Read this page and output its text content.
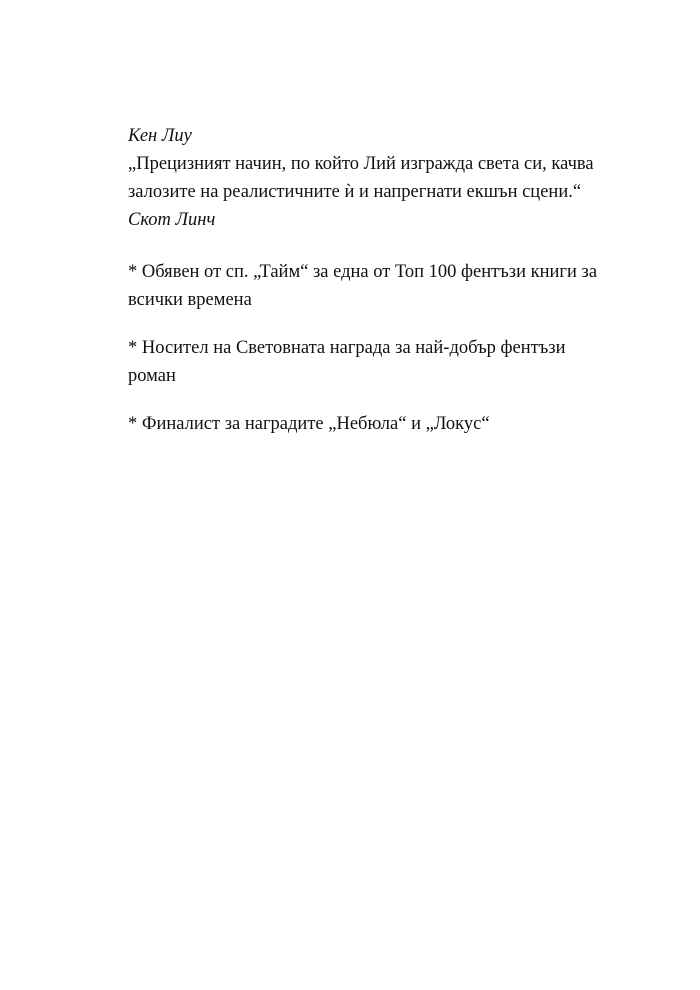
Кен Лиу
„Прецизният начин, по който Лий изгражда света си, качва залозите на реалистичните ѝ и напрегнати екшън сцени.“
Скот Линч
* Обявен от сп. „Тайм“ за една от Топ 100 фентъзи книги за всички времена
* Носител на Световната награда за най-добър фентъзи роман
* Финалист за наградите „Небюла“ и „Локус“
